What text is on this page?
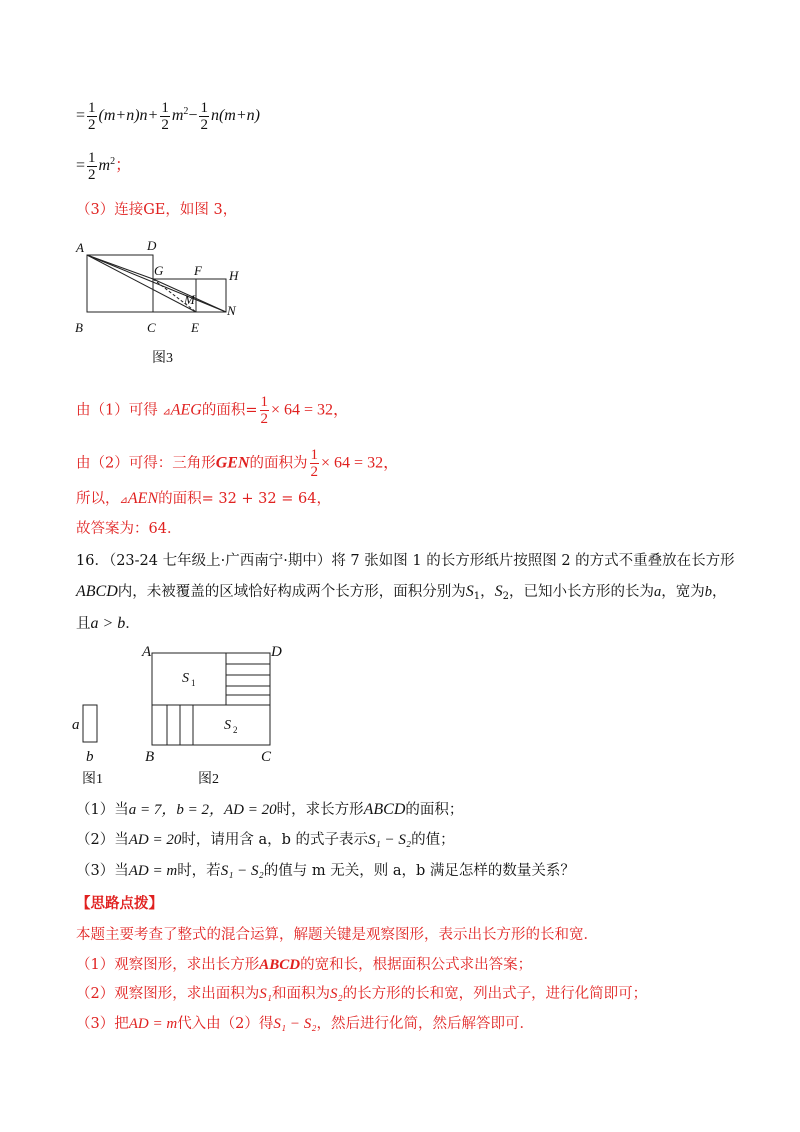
= $\frac{1}{2} (m+n)n+ \frac{1}{2} m^2- \frac{1}{2} n(m+n)$
= $\frac{1}{2} m^2$；
（3）连接GE，如图 3，
A	D
G F H
M
N
B	C	E
图3
由（1）可得 ⊿AEG的面积= $\frac{1}{2} \times 64 = 32$，
由（2）可得：三角形GEN的面积为 $\frac{1}{2} \times 64 = 32$，
所以，⊿AEN的面积= 32 + 32 = 64，
故答案为：64．
16．（23-24 七年级上·广西南宁·期中）将 7 张如图 1 的长方形纸片按照图 2 的方式不重叠放在长方形
ABCD内，未被覆盖的区域恰好构成两个长方形，面积分别为$S_1$，$S_2$，已知小长方形的长为a，宽为b，
且a > b．
a
b
图1
A	D
B	C
S 1
S 2
图2
（1）当a = 7，b = 2，AD = 20时，求长方形ABCD的面积；
（2）当AD = 20时，请用含 a，b 的式子表示S₁ − S₂的值；
（3）当AD = m时，若S₁ − S₂的值与 m 无关，则 a，b 满足怎样的数量关系？
【思路点拨】
本题主要考查了整式的混合运算，解题关键是观察图形，表示出长方形的长和宽．
（1）观察图形，求出长方形ABCD的宽和长，根据面积公式求出答案；
（2）观察图形，求出面积为S₁和面积为S₂的长方形的长和宽，列出式子，进行化简即可；
（3）把AD = m代入由（2）得S₁ − S₂，然后进行化简，然后解答即可．
